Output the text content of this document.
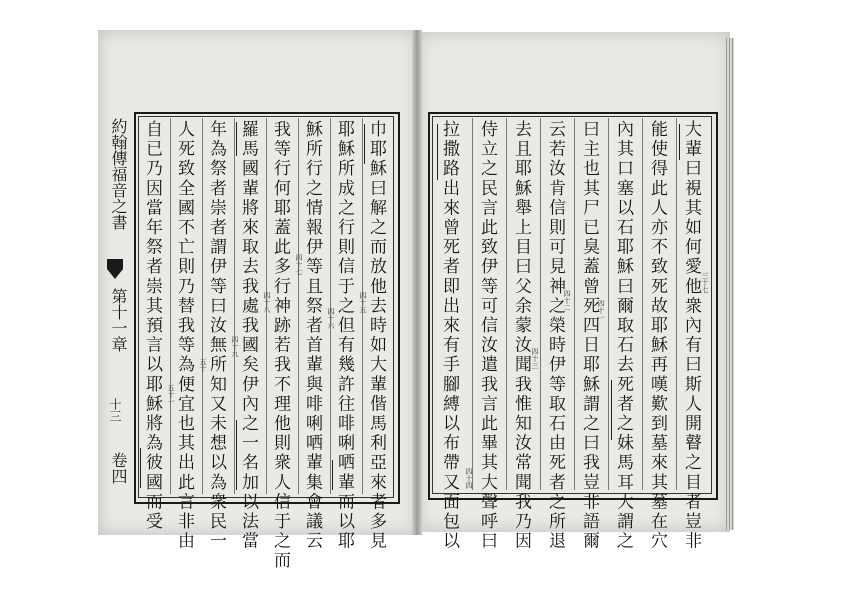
約翰傳福音之書
第十一章
十三
卷四	巾耶穌曰解之而放他去時如大輩偕馬利亞來者多見
耶穌所成之行則信于之但有幾許往啡唎哂輩而以耶
穌所行之情報伊等且祭者首輩與啡唎哂輩集會議云
我等行何耶蓋此多行神跡若我不理他則衆人信于之而
羅馬國輩將來取去我處我國矣伊內之一名加以法當
年為祭者崇者謂伊等曰汝無所知又未想以為衆民一
人死致全國不亡則乃替我等為便宜也其出此言非由
自已乃因當年祭者崇其預言以耶穌將為彼國而受	大輩曰視其如何愛他衆內有曰斯人開瞽之目者豈非
能使得此人亦不致死故耶穌再嘆歎到墓來其墓在穴
內其口塞以石耶穌曰爾取石去死者之妹馬耳大謂之
曰主也其尸已臭蓋曾死四日耶穌謂之曰我豈非語爾
云若汝肯信則可見神之榮時伊等取石由死者之所退
去且耶穌舉上目曰父余蒙汝聞我惟知汝常聞我乃因
侍立之民言此致伊等可信汝遣我言此畢其大聲呼曰
拉撒路出來曾死者即出來有手腳縛以布帶又面包以	三十七
四十一
四十二
四十三
四十四
四十五
四十六
四十七
四十八
四十九
五十
五十一
